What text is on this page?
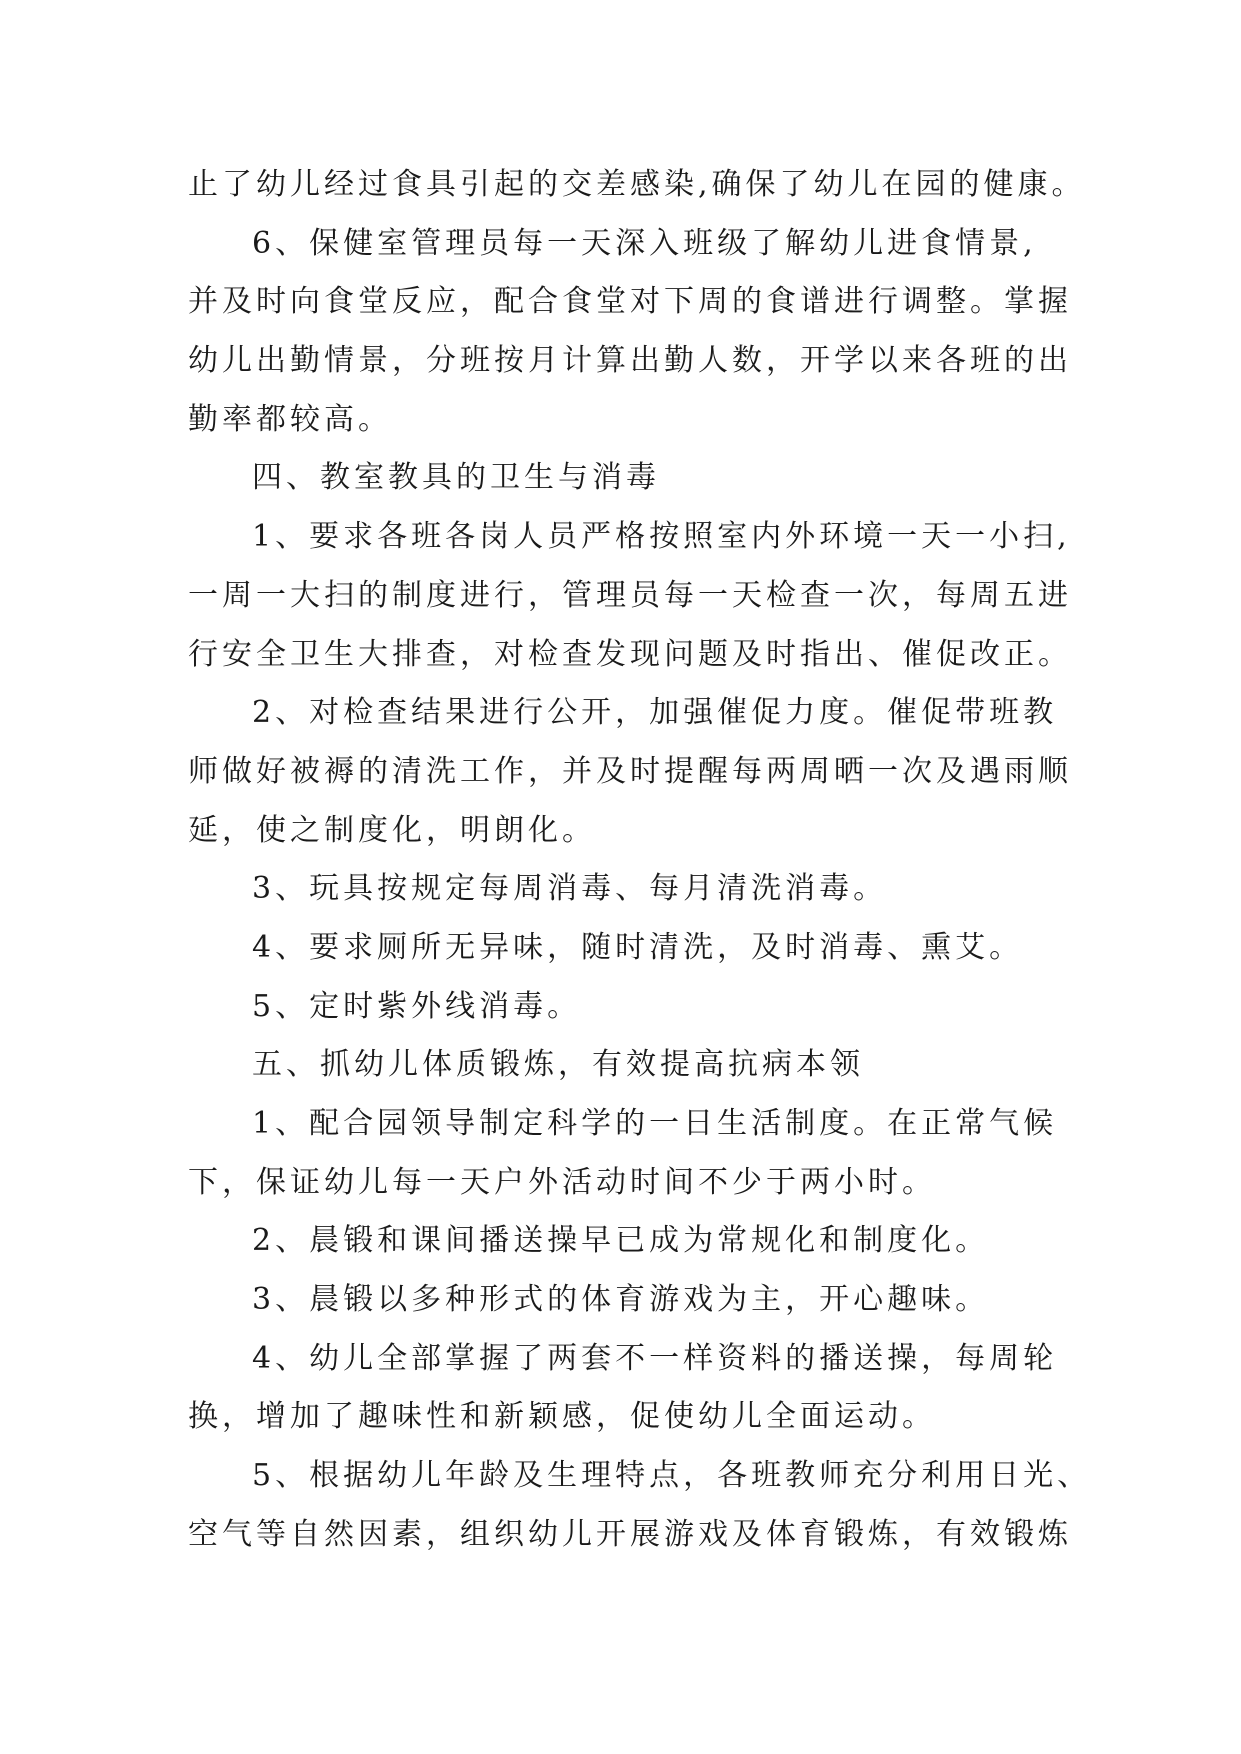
止了幼儿经过食具引起的交差感染,确保了幼儿在园的健康。
6、保健室管理员每一天深入班级了解幼儿进食情景,
并及时向食堂反应，配合食堂对下周的食谱进行调整。掌握
幼儿出勤情景，分班按月计算出勤人数，开学以来各班的出
勤率都较高。
四、教室教具的卫生与消毒
1、要求各班各岗人员严格按照室内外环境一天一小扫,
一周一大扫的制度进行，管理员每一天检查一次，每周五进
行安全卫生大排查，对检查发现问题及时指出、催促改正。
2、对检查结果进行公开，加强催促力度。催促带班教
师做好被褥的清洗工作，并及时提醒每两周晒一次及遇雨顺
延，使之制度化，明朗化。
3、玩具按规定每周消毒、每月清洗消毒。
4、要求厕所无异味，随时清洗，及时消毒、熏艾。
5、定时紫外线消毒。
五、抓幼儿体质锻炼，有效提高抗病本领
1、配合园领导制定科学的一日生活制度。在正常气候
下，保证幼儿每一天户外活动时间不少于两小时。
2、晨锻和课间播送操早已成为常规化和制度化。
3、晨锻以多种形式的体育游戏为主，开心趣味。
4、幼儿全部掌握了两套不一样资料的播送操，每周轮
换，增加了趣味性和新颖感，促使幼儿全面运动。
5、根据幼儿年龄及生理特点，各班教师充分利用日光、
空气等自然因素，组织幼儿开展游戏及体育锻炼，有效锻炼
